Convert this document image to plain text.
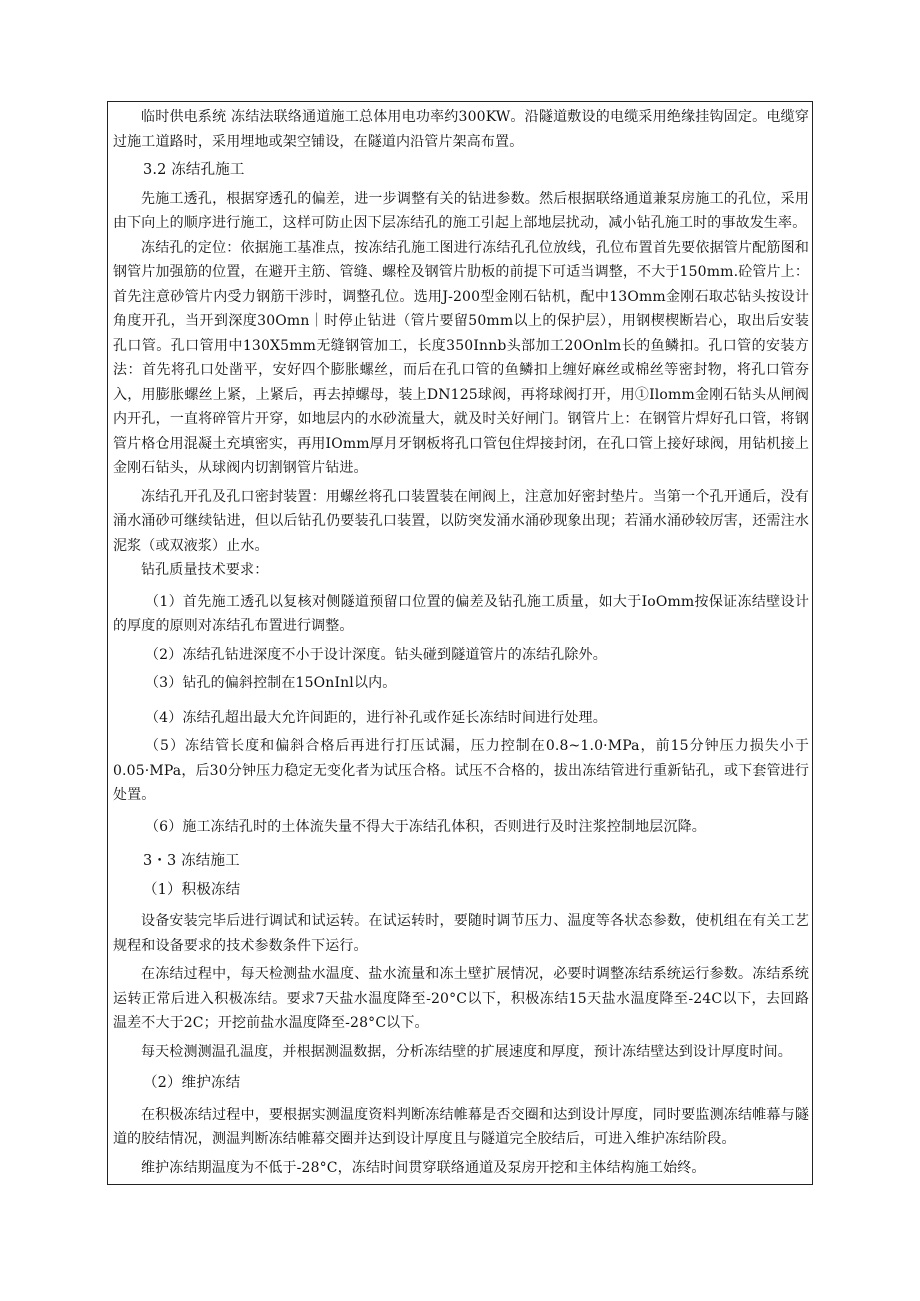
临时供电系统 冻结法联络通道施工总体用电功率约300KW。沿隧道敷设的电缆采用绝缘挂钩固定。电缆穿过施工道路时，采用埋地或架空铺设，在隧道内沿管片架高布置。

3.2 冻结孔施工

先施工透孔，根据穿透孔的偏差，进一步调整有关的钻进参数。然后根据联络通道兼泵房施工的孔位，采用由下向上的顺序进行施工，这样可防止因下层冻结孔的施工引起上部地层扰动，减小钻孔施工时的事故发生率。

冻结孔的定位：依据施工基准点，按冻结孔施工图进行冻结孔孔位放线，孔位布置首先要依据管片配筋图和钢管片加强筋的位置，在避开主筋、管缝、螺栓及钢管片肋板的前提下可适当调整，不大于150mm.砼管片上：首先注意砂管片内受力钢筋干涉时，调整孔位。选用J-200型金刚石钻机，配中13Omm金刚石取芯钻头按设计角度开孔，当开到深度30Omn｜时停止钻进（管片要留50mm以上的保护层），用钢楔楔断岩心，取出后安装孔口管。孔口管用中130X5mm无缝钢管加工，长度350Innb头部加工20Onlm长的鱼鳞扣。孔口管的安装方法：首先将孔口处凿平，安好四个膨胀螺丝，而后在孔口管的鱼鳞扣上缠好麻丝或棉丝等密封物，将孔口管夯入，用膨胀螺丝上紧，上紧后，再去掉螺母，装上DN125球阀，再将球阀打开，用①Ilomm金刚石钻头从闸阀内开孔，一直将碎管片开穿，如地层内的水砂流量大，就及时关好闸门。钢管片上：在钢管片焊好孔口管，将钢管片格仓用混凝土充填密实，再用IOmm厚月牙钢板将孔口管包住焊接封闭，在孔口管上接好球阀，用钻机接上金刚石钻头，从球阀内切割钢管片钻进。

冻结孔开孔及孔口密封装置：用螺丝将孔口装置装在闸阀上，注意加好密封垫片。当第一个孔开通后，没有涌水涌砂可继续钻进，但以后钻孔仍要装孔口装置，以防突发涌水涌砂现象出现；若涌水涌砂较厉害，还需注水泥浆（或双液浆）止水。

钻孔质量技术要求：

（1）首先施工透孔以复核对侧隧道预留口位置的偏差及钻孔施工质量，如大于IoOmm按保证冻结壁设计的厚度的原则对冻结孔布置进行调整。

（2）冻结孔钻进深度不小于设计深度。钻头碰到隧道管片的冻结孔除外。

（3）钻孔的偏斜控制在15OnInl以内。

（4）冻结孔超出最大允许间距的，进行补孔或作延长冻结时间进行处理。

（5）冻结管长度和偏斜合格后再进行打压试漏，压力控制在0.8~1.0·MPa，前15分钟压力损失小于0.05·MPa，后30分钟压力稳定无变化者为试压合格。试压不合格的，拔出冻结管进行重新钻孔，或下套管进行处置。

（6）施工冻结孔时的土体流失量不得大于冻结孔体积，否则进行及时注浆控制地层沉降。

3・3 冻结施工

（1）积极冻结

设备安装完毕后进行调试和试运转。在试运转时，要随时调节压力、温度等各状态参数，使机组在有关工艺规程和设备要求的技术参数条件下运行。

在冻结过程中，每天检测盐水温度、盐水流量和冻土壁扩展情况，必要时调整冻结系统运行参数。冻结系统运转正常后进入积极冻结。要求7天盐水温度降至-20°C以下，积极冻结15天盐水温度降至-24C以下，去回路温差不大于2C；开挖前盐水温度降至-28°C以下。

每天检测测温孔温度，并根据测温数据，分析冻结壁的扩展速度和厚度，预计冻结壁达到设计厚度时间。

（2）维护冻结

在积极冻结过程中，要根据实测温度资料判断冻结帷幕是否交圈和达到设计厚度，同时要监测冻结帷幕与隧道的胶结情况，测温判断冻结帷幕交圈并达到设计厚度且与隧道完全胶结后，可进入维护冻结阶段。

维护冻结期温度为不低于-28°C，冻结时间贯穿联络通道及泵房开挖和主体结构施工始终。
